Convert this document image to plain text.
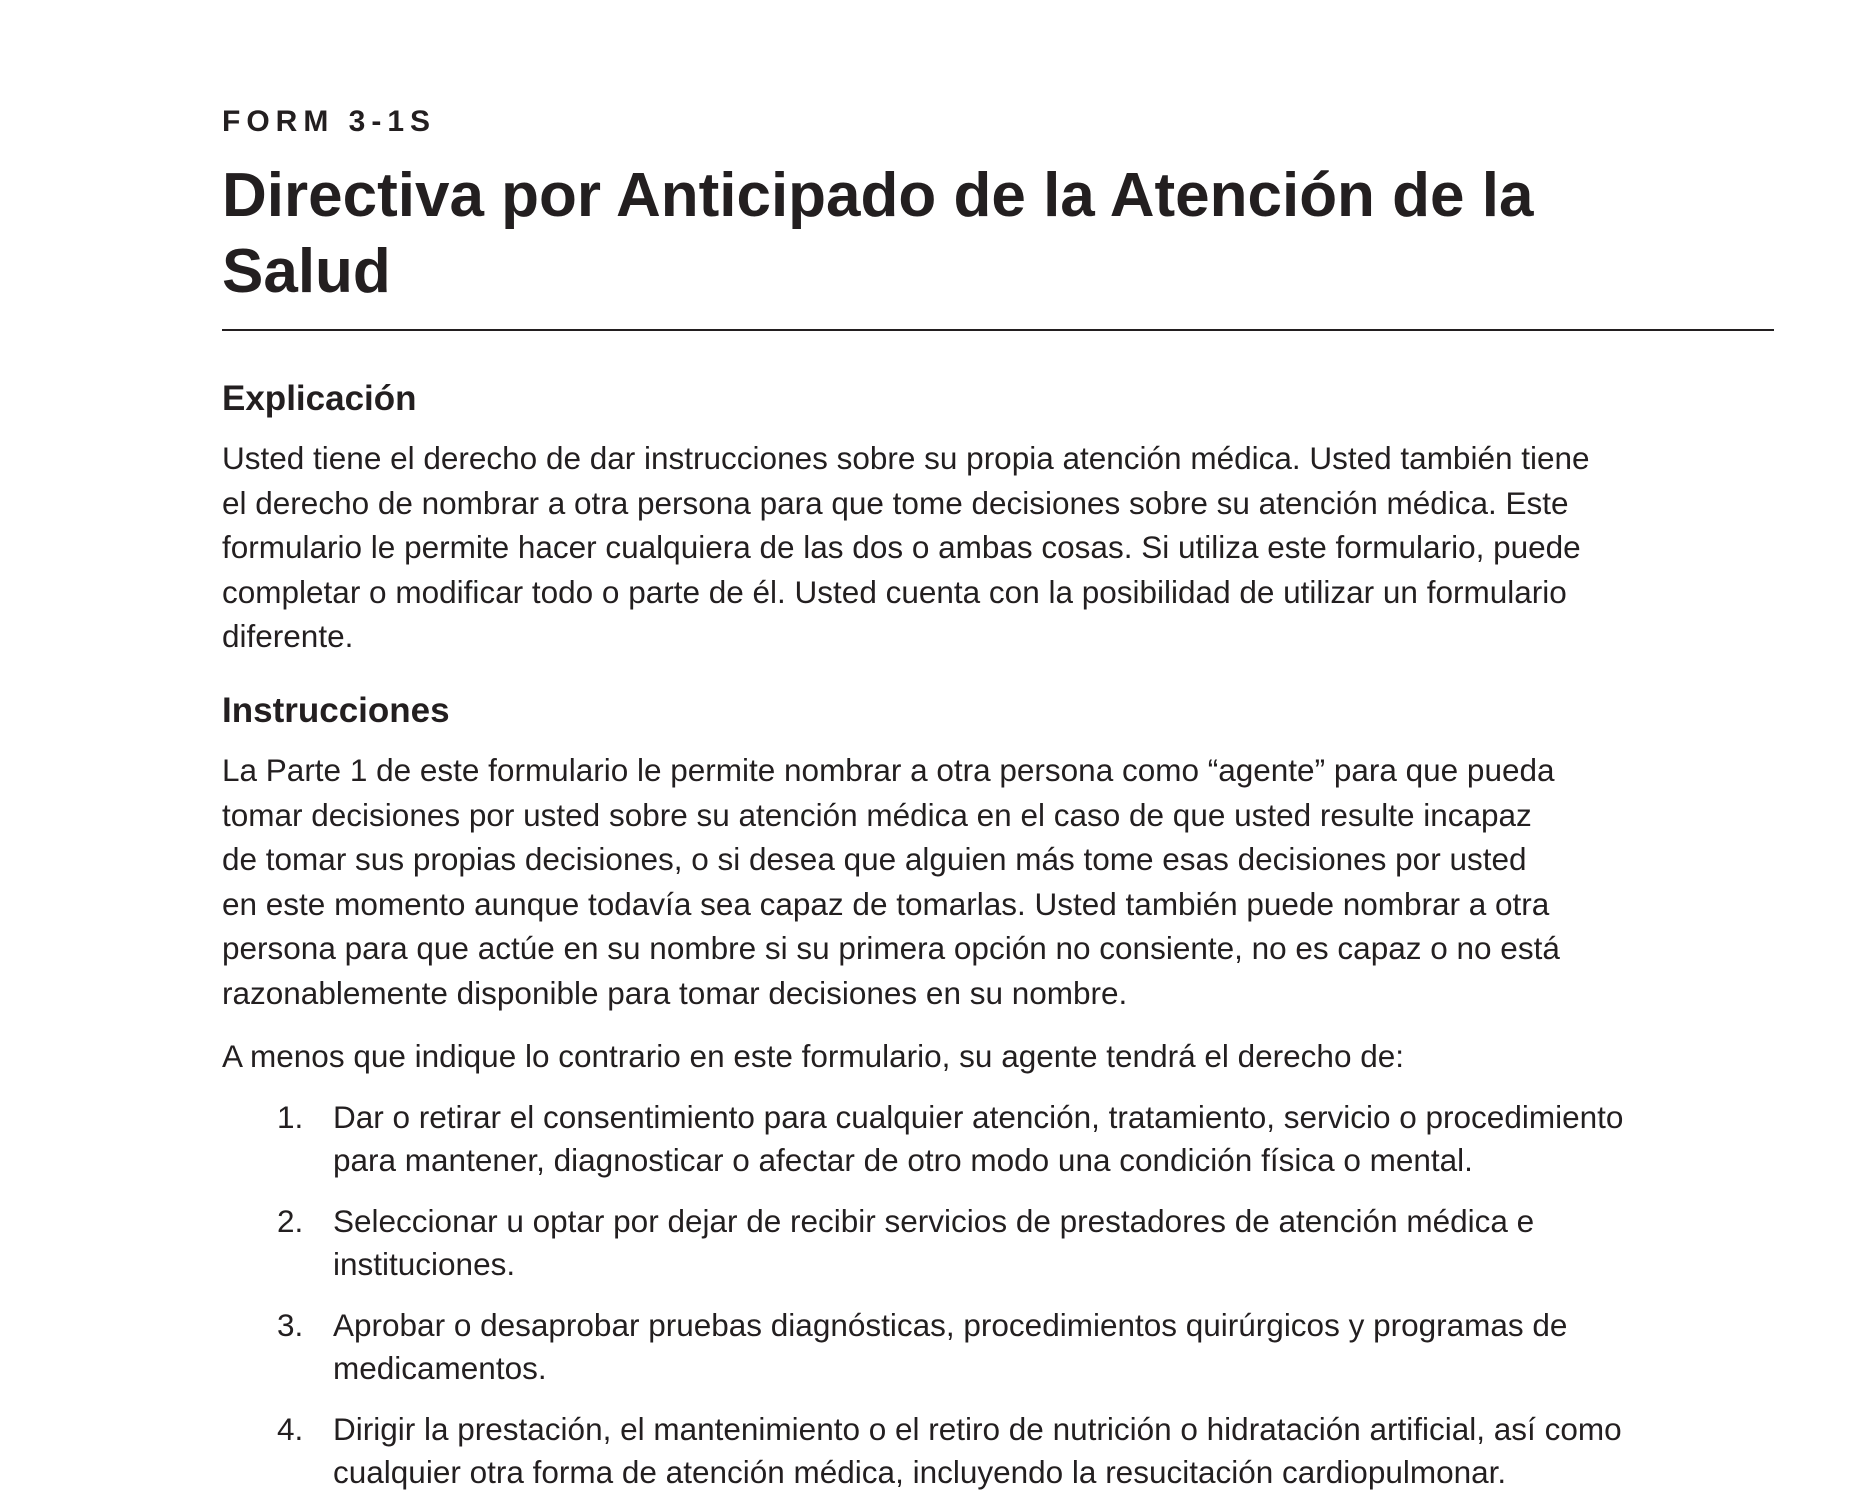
FORM 3-1S
Directiva por Anticipado de la Atención de la
Salud
Explicación

Usted tiene el derecho de dar instrucciones sobre su propia atención médica. Usted también tiene
el derecho de nombrar a otra persona para que tome decisiones sobre su atención médica. Este
formulario le permite hacer cualquiera de las dos o ambas cosas. Si utiliza este formulario, puede
completar o modificar todo o parte de él. Usted cuenta con la posibilidad de utilizar un formulario
diferente.

Instrucciones

La Parte 1 de este formulario le permite nombrar a otra persona como “agente” para que pueda
tomar decisiones por usted sobre su atención médica en el caso de que usted resulte incapaz
de tomar sus propias decisiones, o si desea que alguien más tome esas decisiones por usted
en este momento aunque todavía sea capaz de tomarlas. Usted también puede nombrar a otra
persona para que actúe en su nombre si su primera opción no consiente, no es capaz o no está
razonablemente disponible para tomar decisiones en su nombre.

A menos que indique lo contrario en este formulario, su agente tendrá el derecho de:

1. Dar o retirar el consentimiento para cualquier atención, tratamiento, servicio o procedimiento
para mantener, diagnosticar o afectar de otro modo una condición física o mental.
2. Seleccionar u optar por dejar de recibir servicios de prestadores de atención médica e
instituciones.
3. Aprobar o desaprobar pruebas diagnósticas, procedimientos quirúrgicos y programas de
medicamentos.
4. Dirigir la prestación, el mantenimiento o el retiro de nutrición o hidratación artificial, así como
cualquier otra forma de atención médica, incluyendo la resucitación cardiopulmonar.
